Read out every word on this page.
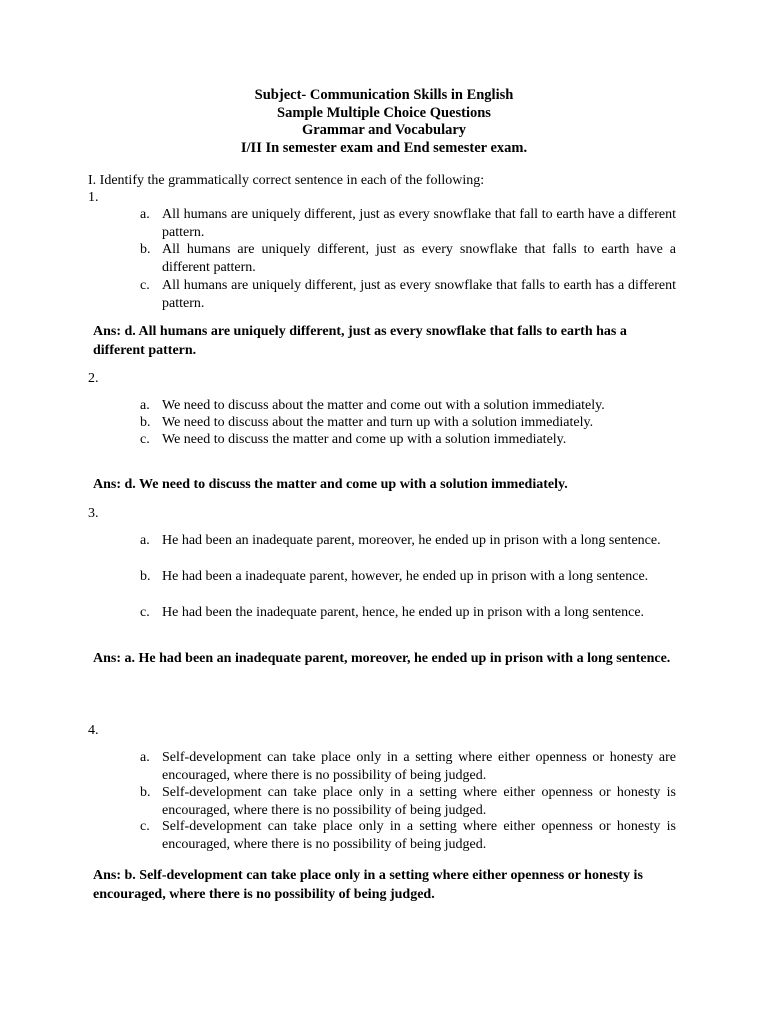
Subject- Communication Skills in English
Sample Multiple Choice Questions
Grammar and Vocabulary
I/II In semester exam and End semester exam.
I. Identify the grammatically correct sentence in each of the following:
1.
a. All humans are uniquely different, just as every snowflake that fall to earth have a different pattern.
b. All humans are uniquely different, just as every snowflake that falls to earth have a different pattern.
c. All humans are uniquely different, just as every snowflake that falls to earth has a different pattern.
Ans: d. All humans are uniquely different, just as every snowflake that falls to earth has a different pattern.
2.
a. We need to discuss about the matter and come out with a solution immediately.
b. We need to discuss about the matter and turn up with a solution immediately.
c. We need to discuss the matter and come up with a solution immediately.
Ans: d. We need to discuss the matter and come up with a solution immediately.
3.
a. He had been an inadequate parent, moreover, he ended up in prison with a long sentence.
b. He had been a inadequate parent, however, he ended up in prison with a long sentence.
c. He had been the inadequate parent, hence, he ended up in prison with a long sentence.
Ans: a. He had been an inadequate parent, moreover, he ended up in prison with a long sentence.
4.
a. Self-development can take place only in a setting where either openness or honesty are encouraged, where there is no possibility of being judged.
b. Self-development can take place only in a setting where either openness or honesty is encouraged, where there is no possibility of being judged.
c. Self-development can take place only in a setting where either openness or honesty is encouraged, where there is no possibility of being judged.
Ans: b. Self-development can take place only in a setting where either openness or honesty is encouraged, where there is no possibility of being judged.
